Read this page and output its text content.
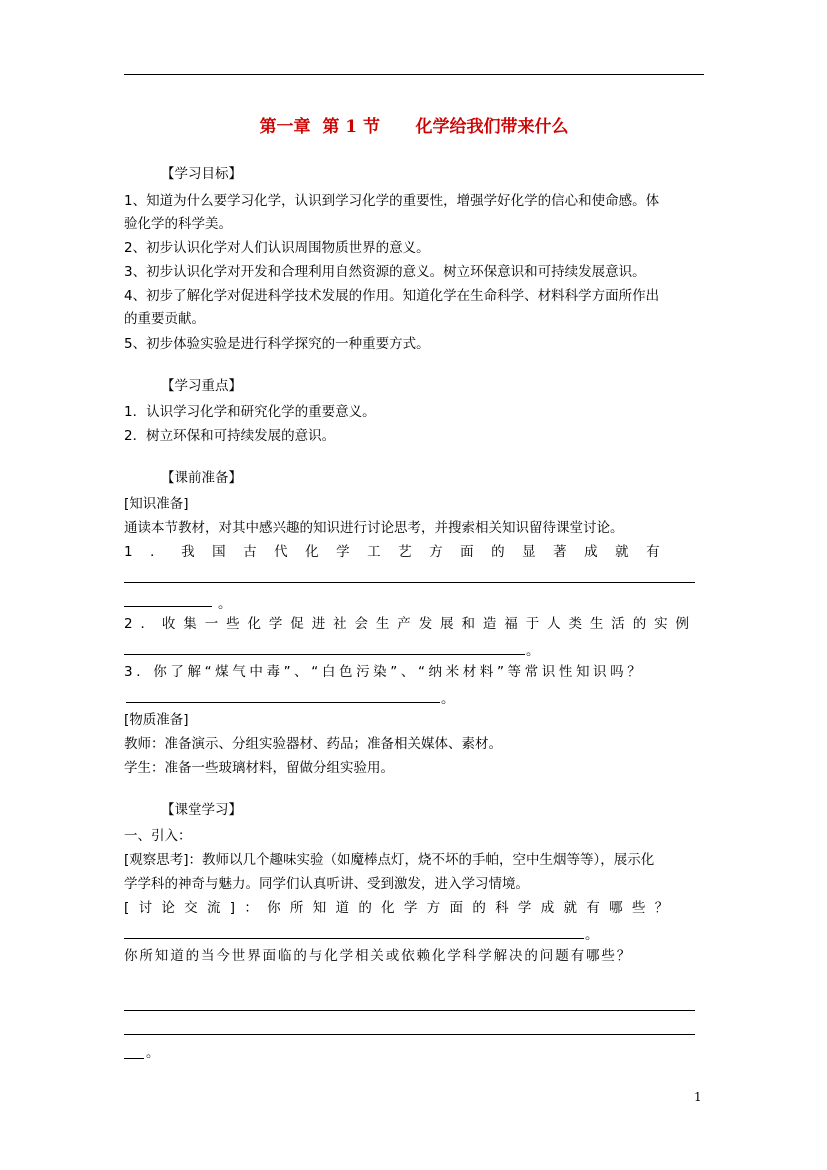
第一章  第 1 节      化学给我们带来什么
【学习目标】
1、知道为什么要学习化学，认识到学习化学的重要性，增强学好化学的信心和使命感。体
验化学的科学美。
2、初步认识化学对人们认识周围物质世界的意义。
3、初步认识化学对开发和合理利用自然资源的意义。树立环保意识和可持续发展意识。
4、初步了解化学对促进科学技术发展的作用。知道化学在生命科学、材料科学方面所作出
的重要贡献。
5、初步体验实验是进行科学探究的一种重要方式。
【学习重点】
1．认识学习化学和研究化学的重要意义。
2．树立环保和可持续发展的意识。
【课前准备】
[知识准备]
通读本节教材，对其中感兴趣的知识进行讨论思考，并搜索相关知识留待课堂讨论。
1．我国古代化学工艺方面的显著成就有
。
2．收集一些化学促进社会生产发展和造福于人类生活的实例
。
3．你了解“煤气中毒”、“白色污染”、“纳米材料”等常识性知识吗？
。
[物质准备]
教师：准备演示、分组实验器材、药品；准备相关媒体、素材。
学生：准备一些玻璃材料，留做分组实验用。
【课堂学习】
一、引入：
[观察思考]：教师以几个趣味实验（如魔棒点灯，烧不坏的手帕，空中生烟等等），展示化
学学科的神奇与魅力。同学们认真听讲、受到激发，进入学习情境。
[讨论交流]：你所知道的化学方面的科学成就有哪些？
。
你所知道的当今世界面临的与化学相关或依赖化学科学解决的问题有哪些？
。
1
